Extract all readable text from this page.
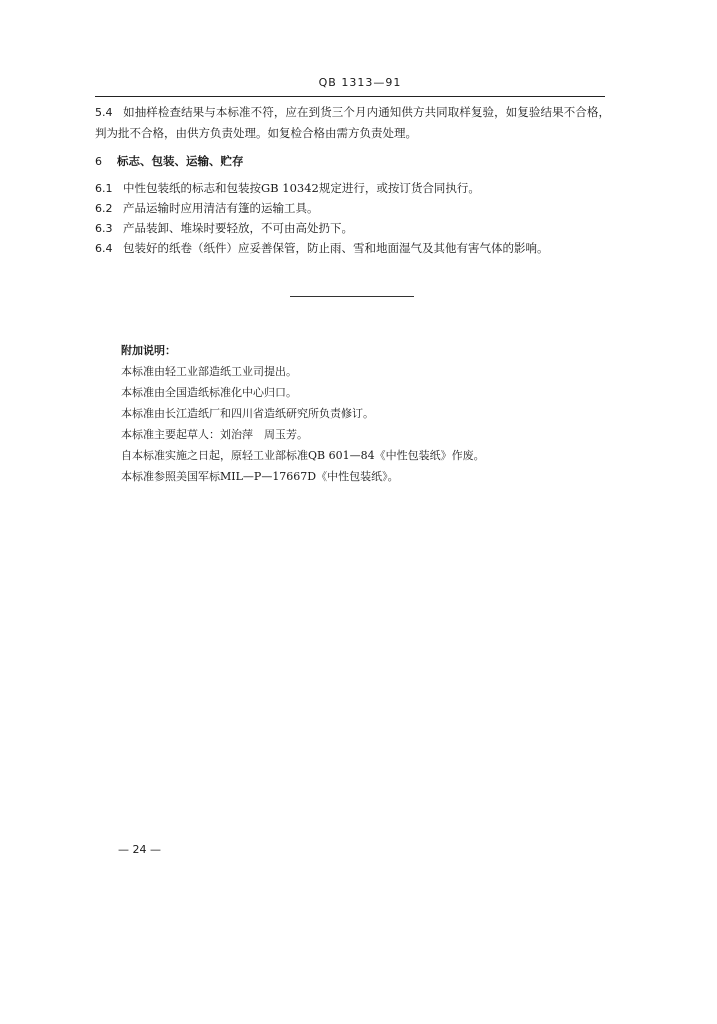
QB 1313—91
5.4 如抽样检查结果与本标准不符，应在到货三个月内通知供方共同取样复验，如复验结果不合格，判为批不合格，由供方负责处理。如复检合格由需方负责处理。
6 标志、包装、运输、贮存
6.1 中性包装纸的标志和包装按GB 10342规定进行，或按订货合同执行。
6.2 产品运输时应用清洁有篷的运输工具。
6.3 产品装卸、堆垛时要轻放，不可由高处扔下。
6.4 包装好的纸卷（纸件）应妥善保管，防止雨、雪和地面湿气及其他有害气体的影响。
附加说明：
本标准由轻工业部造纸工业司提出。
本标准由全国造纸标准化中心归口。
本标准由长江造纸厂和四川省造纸研究所负责修订。
本标准主要起草人：刘治萍　周玉芳。
自本标准实施之日起，原轻工业部标准QB 601—84《中性包装纸》作废。
本标准参照美国军标MIL—P—17667D《中性包装纸》。
— 24 —
